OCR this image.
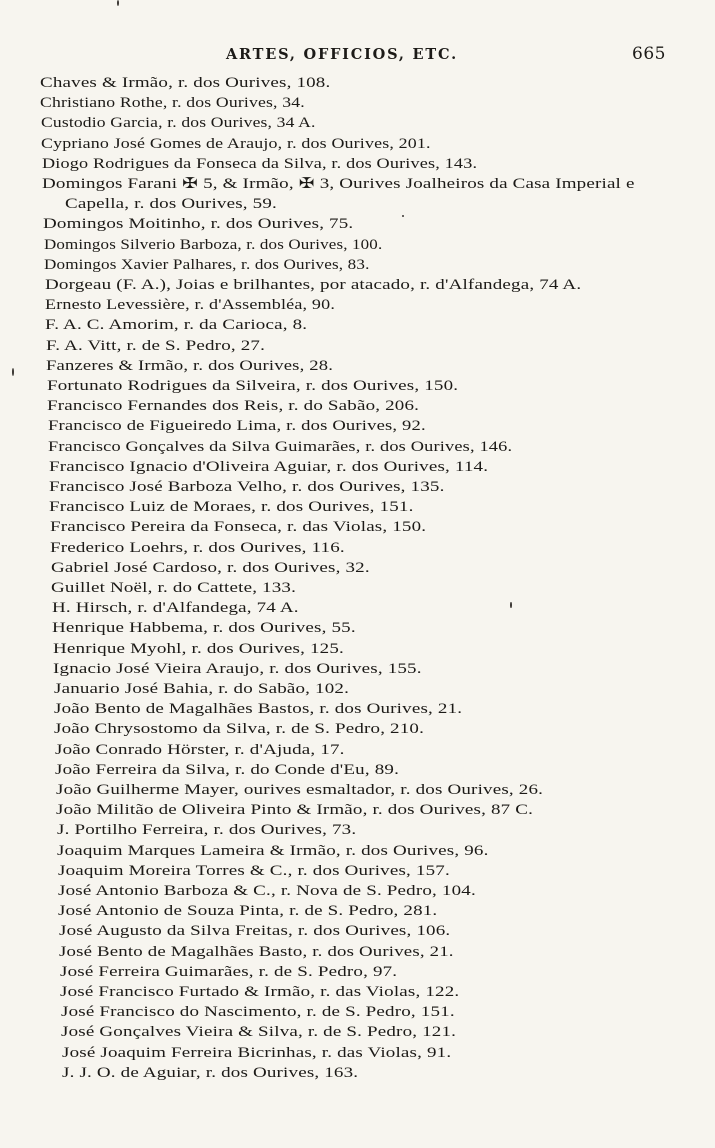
ARTES, OFFICIOS, ETC.	665
Chaves & Irmão, r. dos Ourives, 108.
Christiano Rothe, r. dos Ourives, 34.
Custodio Garcia, r. dos Ourives, 34 A.
Cypriano José Gomes de Araujo, r. dos Ourives, 201.
Diogo Rodrigues da Fonseca da Silva, r. dos Ourives, 143.
Domingos Farani ✠ 5, & Irmão, ✠ 3, Ourives Joalheiros da Casa Imperial e
Capella, r. dos Ourives, 59.
Domingos Moitinho, r. dos Ourives, 75.
Domingos Silverio Barboza, r. dos Ourives, 100.
Domingos Xavier Palhares, r. dos Ourives, 83.
Dorgeau (F. A.), Joias e brilhantes, por atacado, r. d'Alfandega, 74 A.
Ernesto Levessière, r. d'Assembléa, 90.
F. A. C. Amorim, r. da Carioca, 8.
F. A. Vitt, r. de S. Pedro, 27.
Fanzeres & Irmão, r. dos Ourives, 28.
Fortunato Rodrigues da Silveira, r. dos Ourives, 150.
Francisco Fernandes dos Reis, r. do Sabão, 206.
Francisco de Figueiredo Lima, r. dos Ourives, 92.
Francisco Gonçalves da Silva Guimarães, r. dos Ourives, 146.
Francisco Ignacio d'Oliveira Aguiar, r. dos Ourives, 114.
Francisco José Barboza Velho, r. dos Ourives, 135.
Francisco Luiz de Moraes, r. dos Ourives, 151.
Francisco Pereira da Fonseca, r. das Violas, 150.
Frederico Loehrs, r. dos Ourives, 116.
Gabriel José Cardoso, r. dos Ourives, 32.
Guillet Noël, r. do Cattete, 133.
H. Hirsch, r. d'Alfandega, 74 A.
Henrique Habbema, r. dos Ourives, 55.
Henrique Myohl, r. dos Ourives, 125.
Ignacio José Vieira Araujo, r. dos Ourives, 155.
Januario José Bahia, r. do Sabão, 102.
João Bento de Magalhães Bastos, r. dos Ourives, 21.
João Chrysostomo da Silva, r. de S. Pedro, 210.
João Conrado Hörster, r. d'Ajuda, 17.
João Ferreira da Silva, r. do Conde d'Eu, 89.
João Guilherme Mayer, ourives esmaltador, r. dos Ourives, 26.
João Militão de Oliveira Pinto & Irmão, r. dos Ourives, 87 C.
J. Portilho Ferreira, r. dos Ourives, 73.
Joaquim Marques Lameira & Irmão, r. dos Ourives, 96.
Joaquim Moreira Torres & C., r. dos Ourives, 157.
José Antonio Barboza & C., r. Nova de S. Pedro, 104.
José Antonio de Souza Pinta, r. de S. Pedro, 281.
José Augusto da Silva Freitas, r. dos Ourives, 106.
José Bento de Magalhães Basto, r. dos Ourives, 21.
José Ferreira Guimarães, r. de S. Pedro, 97.
José Francisco Furtado & Irmão, r. das Violas, 122.
José Francisco do Nascimento, r. de S. Pedro, 151.
José Gonçalves Vieira & Silva, r. de S. Pedro, 121.
José Joaquim Ferreira Bicrinhas, r. das Violas, 91.
J. J. O. de Aguiar, r. dos Ourives, 163.
